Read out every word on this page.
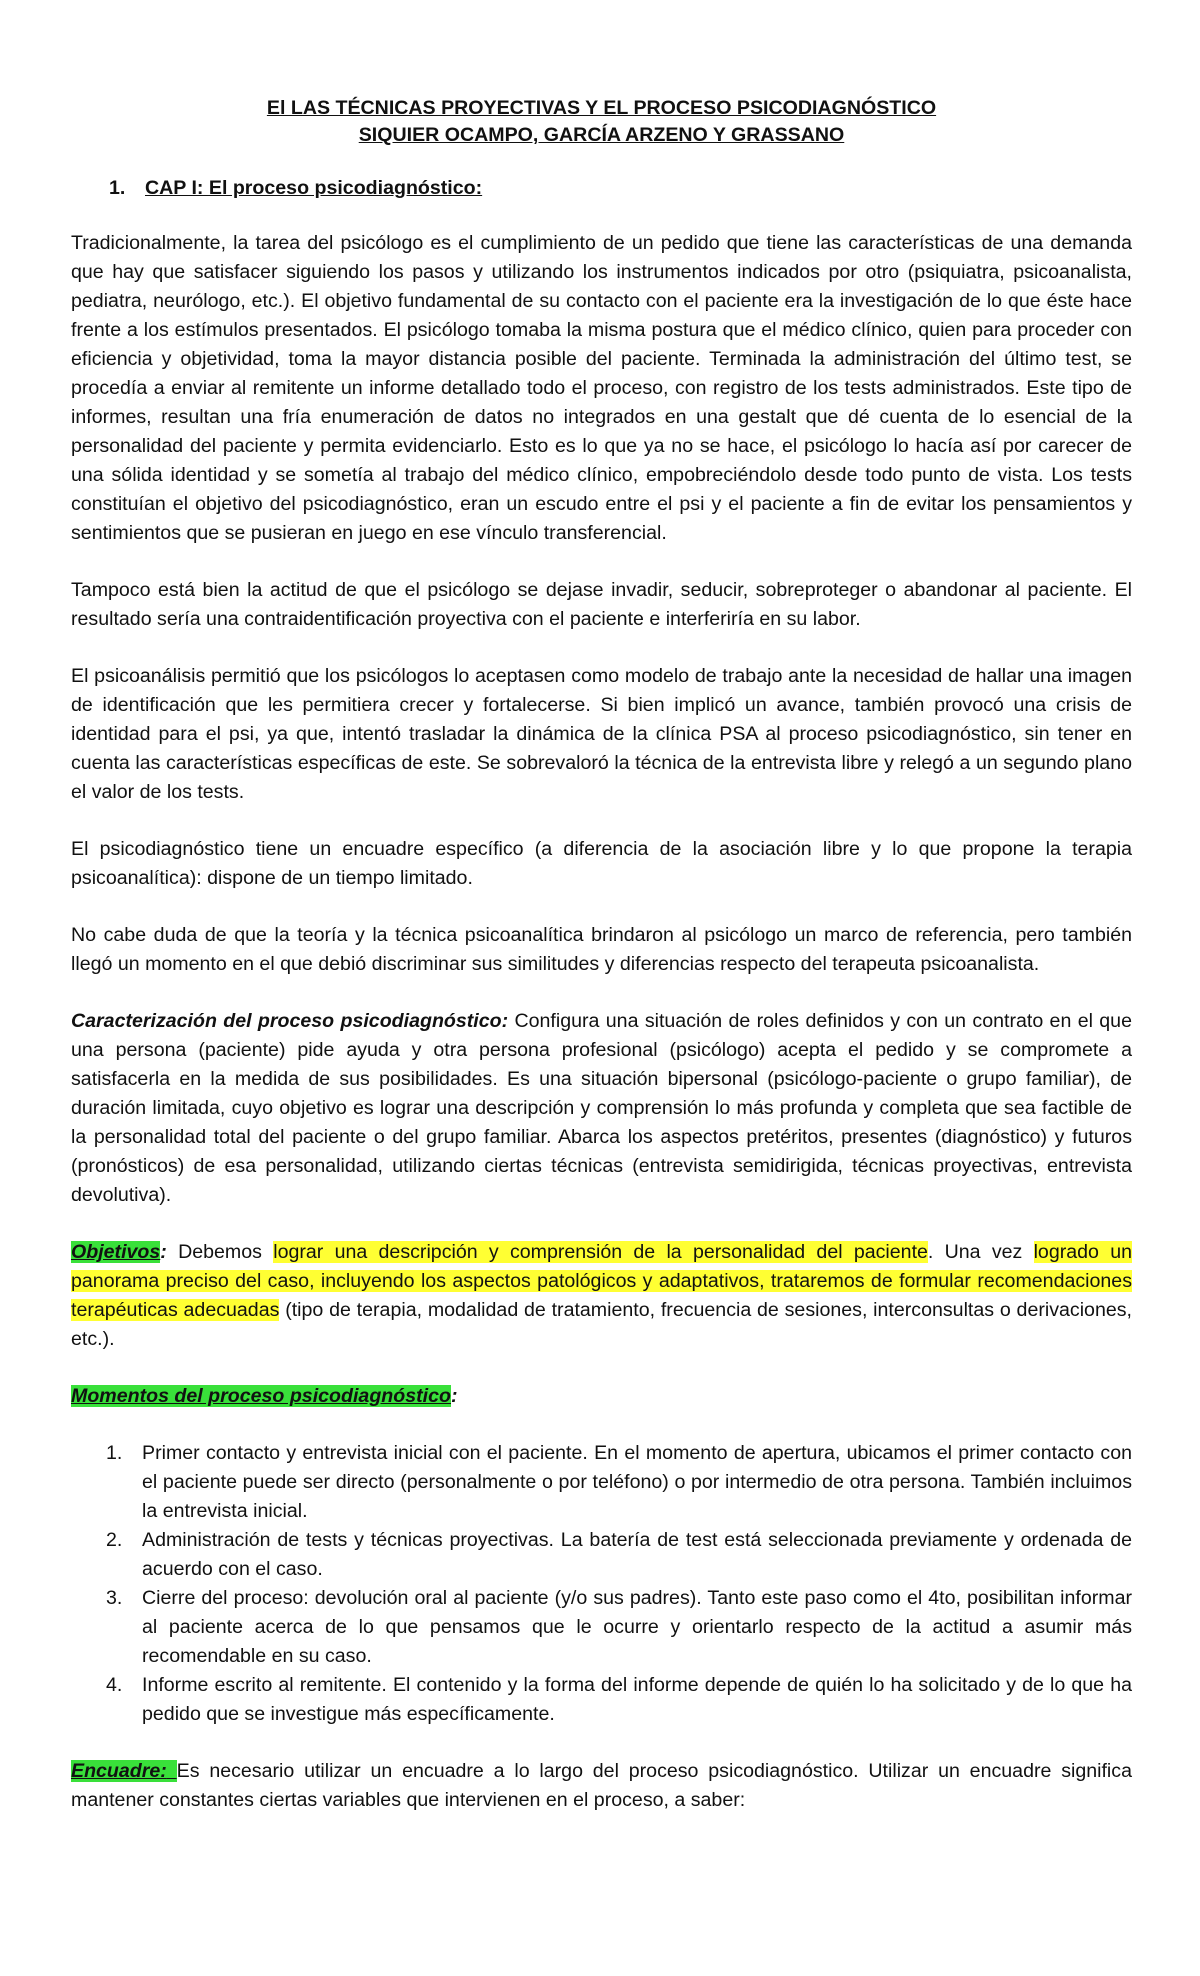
El LAS TÉCNICAS PROYECTIVAS Y EL PROCESO PSICODIAGNÓSTICO

SIQUIER OCAMPO, GARCÍA ARZENO Y GRASSANO

1. CAP I: El proceso psicodiagnóstico:

Tradicionalmente, la tarea del psicólogo es el cumplimiento de un pedido que tiene las características de una demanda que hay que satisfacer siguiendo los pasos y utilizando los instrumentos indicados por otro (psiquiatra, psicoanalista, pediatra, neurólogo, etc.). El objetivo fundamental de su contacto con el paciente era la investigación de lo que éste hace frente a los estímulos presentados. El psicólogo tomaba la misma postura que el médico clínico, quien para proceder con eficiencia y objetividad, toma la mayor distancia posible del paciente. Terminada la administración del último test, se procedía a enviar al remitente un informe detallado todo el proceso, con registro de los tests administrados. Este tipo de informes, resultan una fría enumeración de datos no integrados en una gestalt que dé cuenta de lo esencial de la personalidad del paciente y permita evidenciarlo. Esto es lo que ya no se hace, el psicólogo lo hacía así por carecer de una sólida identidad y se sometía al trabajo del médico clínico, empobreciéndolo desde todo punto de vista. Los tests constituían el objetivo del psicodiagnóstico, eran un escudo entre el psi y el paciente a fin de evitar los pensamientos y sentimientos que se pusieran en juego en ese vínculo transferencial.

Tampoco está bien la actitud de que el psicólogo se dejase invadir, seducir, sobreproteger o abandonar al paciente. El resultado sería una contraidentificación proyectiva con el paciente e interferiría en su labor.

El psicoanálisis permitió que los psicólogos lo aceptasen como modelo de trabajo ante la necesidad de hallar una imagen de identificación que les permitiera crecer y fortalecerse. Si bien implicó un avance, también provocó una crisis de identidad para el psi, ya que, intentó trasladar la dinámica de la clínica PSA al proceso psicodiagnóstico, sin tener en cuenta las características específicas de este. Se sobrevaloró la técnica de la entrevista libre y relegó a un segundo plano el valor de los tests.

El psicodiagnóstico tiene un encuadre específico (a diferencia de la asociación libre y lo que propone la terapia psicoanalítica): dispone de un tiempo limitado.

No cabe duda de que la teoría y la técnica psicoanalítica brindaron al psicólogo un marco de referencia, pero también llegó un momento en el que debió discriminar sus similitudes y diferencias respecto del terapeuta psicoanalista.

Caracterización del proceso psicodiagnóstico: Configura una situación de roles definidos y con un contrato en el que una persona (paciente) pide ayuda y otra persona profesional (psicólogo) acepta el pedido y se compromete a satisfacerla en la medida de sus posibilidades. Es una situación bipersonal (psicólogo-paciente o grupo familiar), de duración limitada, cuyo objetivo es lograr una descripción y comprensión lo más profunda y completa que sea factible de la personalidad total del paciente o del grupo familiar. Abarca los aspectos pretéritos, presentes (diagnóstico) y futuros (pronósticos) de esa personalidad, utilizando ciertas técnicas (entrevista semidirigida, técnicas proyectivas, entrevista devolutiva).

Objetivos: Debemos lograr una descripción y comprensión de la personalidad del paciente. Una vez logrado un panorama preciso del caso, incluyendo los aspectos patológicos y adaptativos, trataremos de formular recomendaciones terapéuticas adecuadas (tipo de terapia, modalidad de tratamiento, frecuencia de sesiones, interconsultas o derivaciones, etc.).

Momentos del proceso psicodiagnóstico:

1. Primer contacto y entrevista inicial con el paciente. En el momento de apertura, ubicamos el primer contacto con el paciente puede ser directo (personalmente o por teléfono) o por intermedio de otra persona. También incluimos la entrevista inicial.
2. Administración de tests y técnicas proyectivas. La batería de test está seleccionada previamente y ordenada de acuerdo con el caso.
3. Cierre del proceso: devolución oral al paciente (y/o sus padres). Tanto este paso como el 4to, posibilitan informar al paciente acerca de lo que pensamos que le ocurre y orientarlo respecto de la actitud a asumir más recomendable en su caso.
4. Informe escrito al remitente. El contenido y la forma del informe depende de quién lo ha solicitado y de lo que ha pedido que se investigue más específicamente.

Encuadre: Es necesario utilizar un encuadre a lo largo del proceso psicodiagnóstico. Utilizar un encuadre significa mantener constantes ciertas variables que intervienen en el proceso, a saber:
